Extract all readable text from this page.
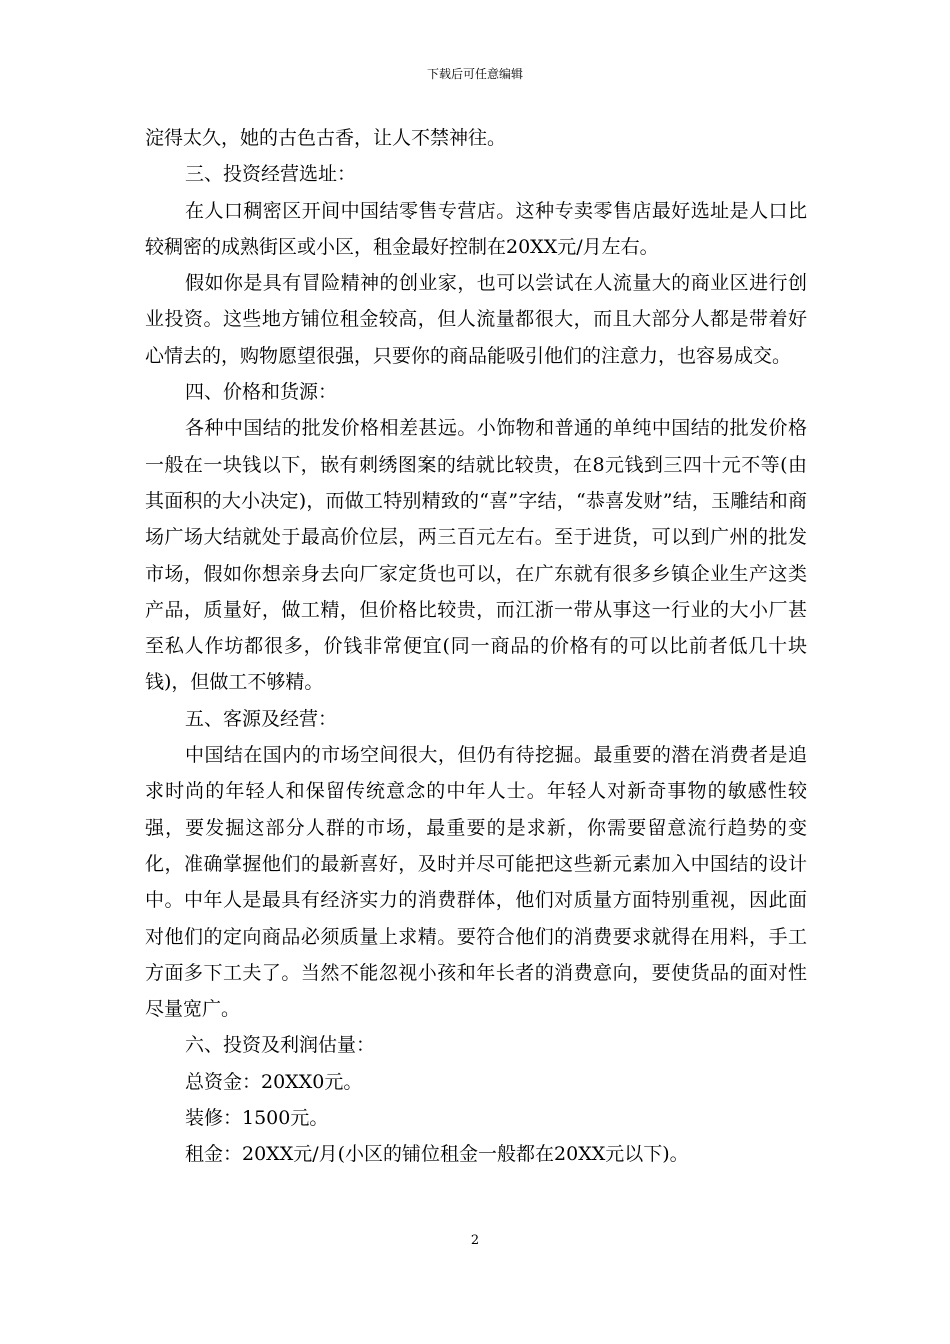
下载后可任意编辑

淀得太久，她的古色古香，让人不禁神往。

三、投资经营选址：

在人口稠密区开间中国结零售专营店。这种专卖零售店最好选址是人口比较稠密的成熟街区或小区，租金最好控制在20XX元/月左右。

假如你是具有冒险精神的创业家，也可以尝试在人流量大的商业区进行创业投资。这些地方铺位租金较高，但人流量都很大，而且大部分人都是带着好心情去的，购物愿望很强，只要你的商品能吸引他们的注意力，也容易成交。

四、价格和货源：

各种中国结的批发价格相差甚远。小饰物和普通的单纯中国结的批发价格一般在一块钱以下，嵌有刺绣图案的结就比较贵，在8元钱到三四十元不等(由其面积的大小决定)，而做工特别精致的“喜”字结，“恭喜发财”结，玉雕结和商场广场大结就处于最高价位层，两三百元左右。至于进货，可以到广州的批发市场，假如你想亲身去向厂家定货也可以，在广东就有很多乡镇企业生产这类产品，质量好，做工精，但价格比较贵，而江浙一带从事这一行业的大小厂甚至私人作坊都很多，价钱非常便宜(同一商品的价格有的可以比前者低几十块钱)，但做工不够精。

五、客源及经营：

中国结在国内的市场空间很大，但仍有待挖掘。最重要的潜在消费者是追求时尚的年轻人和保留传统意念的中年人士。年轻人对新奇事物的敏感性较强，要发掘这部分人群的市场，最重要的是求新，你需要留意流行趋势的变化，准确掌握他们的最新喜好，及时并尽可能把这些新元素加入中国结的设计中。中年人是最具有经济实力的消费群体，他们对质量方面特别重视，因此面对他们的定向商品必须质量上求精。要符合他们的消费要求就得在用料，手工方面多下工夫了。当然不能忽视小孩和年长者的消费意向，要使货品的面对性尽量宽广。

六、投资及利润估量：

总资金：20XX0元。

装修：1500元。

租金：20XX元/月(小区的铺位租金一般都在20XX元以下)。

2
